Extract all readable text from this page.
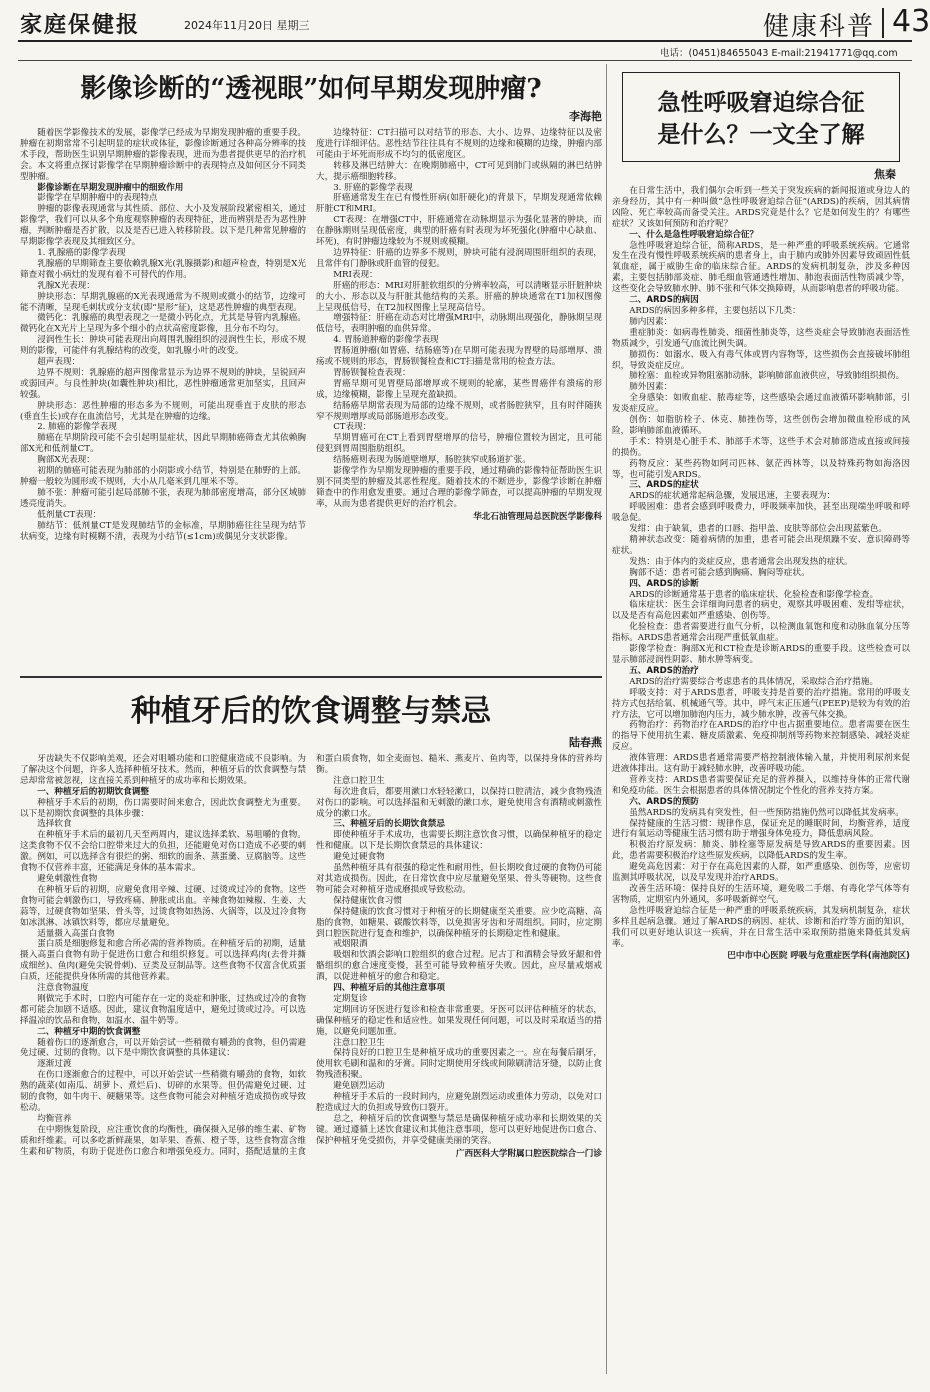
家庭保健报	2024年11月20日 星期三	健康科普 43
电话：(0451)84655043 E-mail:21941771@qq.com
影像诊断的“透视眼”如何早期发现肿瘤?
李海艳

随着医学影像技术的发展，影像学已经成为早期发现肿瘤的重要手段。肿瘤在初期常常不引起明显的症状或体征，影像诊断通过各种高分辨率的技术手段，帮助医生识别早期肿瘤的影像表现，进而为患者提供更早的治疗机会。本文将重点探讨影像学在早期肿瘤诊断中的表现特点及如何区分不同类型肿瘤。

影像诊断在早期发现肿瘤中的细致作用

影像学在早期肿瘤中的表现特点

肿瘤的影像表现通常与其性质、部位、大小及发展阶段紧密相关，通过影像学，我们可以从多个角度观察肿瘤的表现特征，进而辨别是否为恶性肿瘤，判断肿瘤是否扩散，以及是否已进入转移阶段。以下是几种常见肿瘤的早期影像学表现及其细致区分。

1. 乳腺癌的影像学表现

乳腺癌的早期筛查主要依赖乳腺X光(乳腺摄影)和超声检查，特别是X光筛查对微小病灶的发现有着不可替代的作用。

乳腺X光表现：

肿块形态：早期乳腺癌的X光表现通常为不规则或微小的结节，边缘可能不清晰，呈现毛刺状或分支状(即“星形”征)，这是恶性肿瘤的典型表现。

微钙化：乳腺癌的典型表现之一是微小钙化点，尤其是导管内乳腺癌。微钙化在X光片上呈现为多个细小的点状高密度影像，且分布不均匀。

浸润性生长：肿块可能表现出向周围乳腺组织的浸润性生长，形成不规则的影像，可能伴有乳腺结构的改变，如乳腺小叶的改变。

超声表现：

边界不规则：乳腺癌的超声图像常显示为边界不规则的肿块，呈锐回声或弱回声。与良性肿块(如囊性肿块)相比，恶性肿瘤通常更加坚实，且回声较强。

肿块形态：恶性肿瘤的形态多为不规则，可能出现垂直于皮肤的形态(垂直生长)或存在血流信号，尤其是在肿瘤的边缘。

2. 肺癌的影像学表现

肺癌在早期阶段可能不会引起明显症状，因此早期肺癌筛查尤其依赖胸部X光和低剂量CT。

胸部X光表现：

初期的肺癌可能表现为肺部的小阴影或小结节，特别是在肺野的上部。肿瘤一般较为圆形或不规则，大小从几毫米到几厘米不等。

肺不张：肿瘤可能引起局部肺不张，表现为肺部密度增高，部分区域肺透亮度消失。

低剂量CT表现：

肺结节：低剂量CT是发现肺结节的金标准，早期肺癌往往呈现为结节状病变，边缘有时模糊不清，表现为小结节(≤1cm)或偶见分支状影像。

边缘特征：CT扫描可以对结节的形态、大小、边界、边缘特征以及密度进行详细评估。恶性结节往往具有不规则的边缘和模糊的边缘，肿瘤内部可能由于坏死而形成不均匀的低密度区。

转移及淋巴结肿大：在晚期肺癌中，CT可见到肺门或纵隔的淋巴结肿大，提示癌细胞转移。

3. 肝癌的影像学表现

肝癌通常发生在已有慢性肝病(如肝硬化)的背景下，早期发现通常依赖肝脏CT和MRI。

CT表现：在增强CT中，肝癌通常在动脉期显示为强化显著的肿块，而在静脉期则呈现低密度，典型的肝癌有时表现为坏死强化(肿瘤中心缺血、坏死)，有时肿瘤边缘较为不规则或模糊。

边界特征：肝癌的边界多不规则，肿块可能有浸润周围肝组织的表现，且常伴有门静脉或肝血管的侵犯。

MRI表现：

肝癌的形态：MRI对肝脏软组织的分辨率较高，可以清晰显示肝脏肿块的大小、形态以及与肝脏其他结构的关系。肝癌的肿块通常在T1加权图像上呈现低信号，在T2加权图像上呈现高信号。

增强特征：肝癌在动态对比增强MRI中，动脉期出现强化，静脉期呈现低信号，表明肿瘤的血供异常。

4. 胃肠道肿瘤的影像学表现

胃肠道肿瘤(如胃癌、结肠癌等)在早期可能表现为胃壁的局部增厚、溃疡或不规则的形态，胃肠钡餐检查和CT扫描是常用的检查方法。

胃肠钡餐检查表现：

胃癌早期可见胃壁局部增厚或不规则的轮廓，某些胃癌伴有溃疡的形成，边缘模糊，影像上呈现充盈缺损。

结肠癌早期常表现为局部的边缘不规则，或者肠腔狭窄，且有时伴随狭窄不规则增厚或局部肠道形态改变。

CT表现：

早期胃癌可在CT上看到胃壁增厚的信号，肿瘤位置较为固定，且可能侵犯到胃周围脂肪组织。

结肠癌则表现为肠道壁增厚，肠腔狭窄或肠道扩张。

影像学作为早期发现肿瘤的重要手段，通过精确的影像特征帮助医生识别不同类型的肿瘤及其恶性程度。随着技术的不断进步，影像学诊断在肿瘤筛查中的作用愈发重要。通过合理的影像学筛查，可以提高肿瘤的早期发现率，从而为患者提供更好的治疗机会。

华北石油管理局总医院医学影像科

种植牙后的饮食调整与禁忌
陆春燕

牙齿缺失不仅影响美观，还会对咀嚼功能和口腔健康造成不良影响。为了解决这个问题，许多人选择种植牙技术。然而，种植牙后的饮食调整与禁忌却常常被忽视，这直接关系到种植牙的成功率和长期效果。

一、种植牙后的初期饮食调整

种植牙手术后的初期，伤口需要时间来愈合，因此饮食调整尤为重要。以下是初期饮食调整的具体步骤：

选择软食

在种植牙手术后的最初几天至两周内，建议选择柔软、易咀嚼的食物。这类食物不仅不会给口腔带来过大的负担，还能避免对伤口造成不必要的刺激。例如，可以选择含有很烂的粥、细软的面条、蒸蛋羹、豆腐脑等。这些食物不仅营养丰富，还能满足身体的基本需求。

避免刺激性食物

在种植牙后的初期，应避免食用辛辣、过硬、过烫或过冷的食物。这些食物可能会刺激伤口，导致疼痛、肿胀或出血。辛辣食物如辣椒、生姜、大蒜等，过硬食物如坚果、骨头等，过烫食物如热汤、火锅等，以及过冷食物如冰淇淋、冰镇饮料等，都应尽量避免。

适量摄入高蛋白食物

蛋白质是细胞修复和愈合所必需的营养物质。在种植牙后的初期，适量摄入高蛋白食物有助于促进伤口愈合和组织修复。可以选择鸡肉(去骨并撕成细丝)、鱼肉(避免尖锐骨刺)、豆类及豆制品等。这些食物不仅富含优质蛋白质，还能提供身体所需的其他营养素。

注意食物温度

刚做完手术时，口腔内可能存在一定的炎症和肿胀，过热或过冷的食物都可能会加剧不适感。因此，建议食物温度适中，避免过烫或过冷。可以选择温凉的饮品和食物，如温水、温牛奶等。

二、种植牙中期的饮食调整

随着伤口的逐渐愈合，可以开始尝试一些稍微有嚼劲的食物，但仍需避免过硬、过韧的食物。以下是中期饮食调整的具体建议：

逐渐过渡

在伤口逐渐愈合的过程中，可以开始尝试一些稍微有嚼劲的食物，如软熟的蔬菜(如南瓜、胡萝卜、煮烂后)、切碎的水果等。但仍需避免过硬、过韧的食物，如牛肉干、硬糖果等。这些食物可能会对种植牙造成损伤或导致松动。

均衡营养

在中期恢复阶段，应注重饮食的均衡性，确保摄入足够的维生素、矿物质和纤维素。可以多吃新鲜蔬果，如苹果、香蕉、橙子等，这些食物富含维生素和矿物质，有助于促进伤口愈合和增强免疫力。同时，搭配适量的主食和蛋白质食物，如全麦面包、糙米、燕麦片、鱼肉等，以保持身体的营养均衡。

注意口腔卫生

每次进食后，都要用漱口水轻轻漱口，以保持口腔清洁，减少食物残渣对伤口的影响。可以选择温和无刺激的漱口水，避免使用含有酒精或刺激性成分的漱口水。

三、种植牙后的长期饮食禁忌

即使种植牙手术成功，也需要长期注意饮食习惯，以确保种植牙的稳定性和健康。以下是长期饮食禁忌的具体建议：

避免过硬食物

虽然种植牙具有很强的稳定性和耐用性，但长期咬食过硬的食物仍可能对其造成损伤。因此，在日常饮食中应尽量避免坚果、骨头等硬物。这些食物可能会对种植牙造成磨损或导致松动。

保持健康饮食习惯

保持健康的饮食习惯对于种植牙的长期健康至关重要。应少吃高糖、高脂的食物，如糖果、碳酸饮料等，以免损害牙齿和牙周组织。同时，应定期到口腔医院进行复查和维护，以确保种植牙的长期稳定性和健康。

戒烟限酒

吸烟和饮酒会影响口腔组织的愈合过程。尼古丁和酒精会导致牙龈和骨骼组织的愈合速度变慢，甚至可能导致种植牙失败。因此，应尽量戒烟戒酒，以促进种植牙的愈合和稳定。

四、种植牙后的其他注意事项

定期复诊

定期回访牙医进行复诊和检查非常重要。牙医可以评估种植牙的状态，确保种植牙的稳定性和适应性。如果发现任何问题，可以及时采取适当的措施，以避免问题加重。

注意口腔卫生

保持良好的口腔卫生是种植牙成功的重要因素之一。应在每餐后刷牙，使用软毛刷和温和的牙膏。同时定期使用牙线或间隙刷清洁牙缝，以防止食物残渣积聚。

避免剧烈运动

种植牙手术后的一段时间内，应避免剧烈运动或重体力劳动，以免对口腔造成过大的负担或导致伤口裂开。

总之，种植牙后的饮食调整与禁忌是确保种植牙成功率和长期效果的关键。通过遵循上述饮食建议和其他注意事项，您可以更好地促进伤口愈合、保护种植牙免受损伤，并享受健康美丽的笑容。

广西医科大学附属口腔医院综合一门诊

急性呼吸窘迫综合征
是什么？一文全了解
焦秦

在日常生活中，我们偶尔会听到一些关于突发疾病的新闻报道或身边人的亲身经历，其中有一种叫做“急性呼吸窘迫综合征”(ARDS)的疾病，因其病情凶险、死亡率较高而备受关注。ARDS究竟是什么？它是如何发生的？有哪些症状？又该如何预防和治疗呢？

一、什么是急性呼吸窘迫综合征？

急性呼吸窘迫综合征，简称ARDS，是一种严重的呼吸系统疾病。它通常发生在没有慢性呼吸系统疾病的患者身上，由于肺内或肺外因素导致顽固性低氧血症，属于威胁生命的临床综合征。ARDS的发病机制复杂，涉及多种因素，主要包括肺部炎症、肺毛细血管通透性增加、肺泡表面活性物质减少等，这些变化会导致肺水肿、肺不张和气体交换障碍，从而影响患者的呼吸功能。

二、ARDS的病因

ARDS的病因多种多样，主要包括以下几类：

肺内因素：

重症肺炎：如病毒性肺炎、细菌性肺炎等，这些炎症会导致肺泡表面活性物质减少，引发通气/血流比例失调。

肺损伤：如溺水、吸入有毒气体或胃内容物等，这些损伤会直接破坏肺组织，导致炎症反应。

肺栓塞：血栓或异物阻塞肺动脉，影响肺部血液供应，导致肺组织损伤。

肺外因素：

全身感染：如败血症、脓毒症等，这些感染会通过血液循环影响肺部，引发炎症反应。

创伤：如脂肪栓子、休克、肺挫伤等，这些创伤会增加微血栓形成的风险，影响肺部血液循环。

手术：特别是心脏手术、肺部手术等，这些手术会对肺部造成直接或间接的损伤。

药物反应：某些药物如阿司匹林、氨茫西林等，以及特殊药物如海洛因等，也可能引发ARDS。

三、ARDS的症状

ARDS的症状通常起病急骤，发展迅速，主要表现为：

呼吸困难：患者会感到呼吸费力，呼吸频率加快，甚至出现端坐呼吸和呼吸急促。

发绀：由于缺氧，患者的口唇、指甲盖、皮肤等部位会出现蓝紫色。

精神状态改变：随着病情的加重，患者可能会出现烦躁不安、意识障碍等症状。

发热：由于体内的炎症反应，患者通常会出现发热的症状。

胸部不适：患者可能会感到胸痛、胸闷等症状。

四、ARDS的诊断

ARDS的诊断通常基于患者的临床症状、化验检查和影像学检查。

临床症状：医生会详细询问患者的病史，观察其呼吸困难、发绀等症状，以及是否有高危因素如严重感染、创伤等。

化验检查：患者需要进行血气分析，以检测血氧饱和度和动脉血氧分压等指标。ARDS患者通常会出现严重低氧血症。

影像学检查：胸部X光和CT检查是诊断ARDS的重要手段。这些检查可以显示肺部浸润性阴影、肺水肿等病变。

五、ARDS的治疗

ARDS的治疗需要综合考虑患者的具体情况，采取综合治疗措施。

呼吸支持：对于ARDS患者，呼吸支持是首要的治疗措施。常用的呼吸支持方式包括给氧、机械通气等。其中，呼气末正压通气(PEEP)是较为有效的治疗方法，它可以增加肺泡内压力，减少肺水肿，改善气体交换。

药物治疗：药物治疗在ARDS的治疗中也占据重要地位。患者需要在医生的指导下使用抗生素、糖皮质激素、免疫抑制剂等药物来控制感染、减轻炎症反应。

液体管理：ARDS患者通常需要严格控制液体输入量，并使用利尿剂来促进液体排出。这有助于减轻肺水肿，改善呼吸功能。

营养支持：ARDS患者需要保证充足的营养摄入，以维持身体的正常代谢和免疫功能。医生会根据患者的具体情况制定个性化的营养支持方案。

六、ARDS的预防

虽然ARDS的发病具有突发性，但一些预防措施仍然可以降低其发病率。

保持健康的生活习惯：规律作息，保证充足的睡眠时间，均衡营养，适度进行有氧运动等健康生活习惯有助于增强身体免疫力，降低患病风险。

积极治疗原发病：肺炎、肺栓塞等原发病是导致ARDS的重要因素。因此，患者需要积极治疗这些原发疾病，以降低ARDS的发生率。

避免高危因素：对于存在高危因素的人群，如严重感染、创伤等，应密切监测其呼吸状况，以及早发现并治疗ARDS。

改善生活环境：保持良好的生活环境，避免吸二手烟、有毒化学气体等有害物质，定期室内外通风，多呼吸新鲜空气。

急性呼吸窘迫综合征是一种严重的呼吸系统疾病，其发病机制复杂，症状多样且起病急骤。通过了解ARDS的病因、症状、诊断和治疗等方面的知识，我们可以更好地认识这一疾病，并在日常生活中采取预防措施来降低其发病率。

巴中市中心医院 呼吸与危重症医学科(南池院区)
